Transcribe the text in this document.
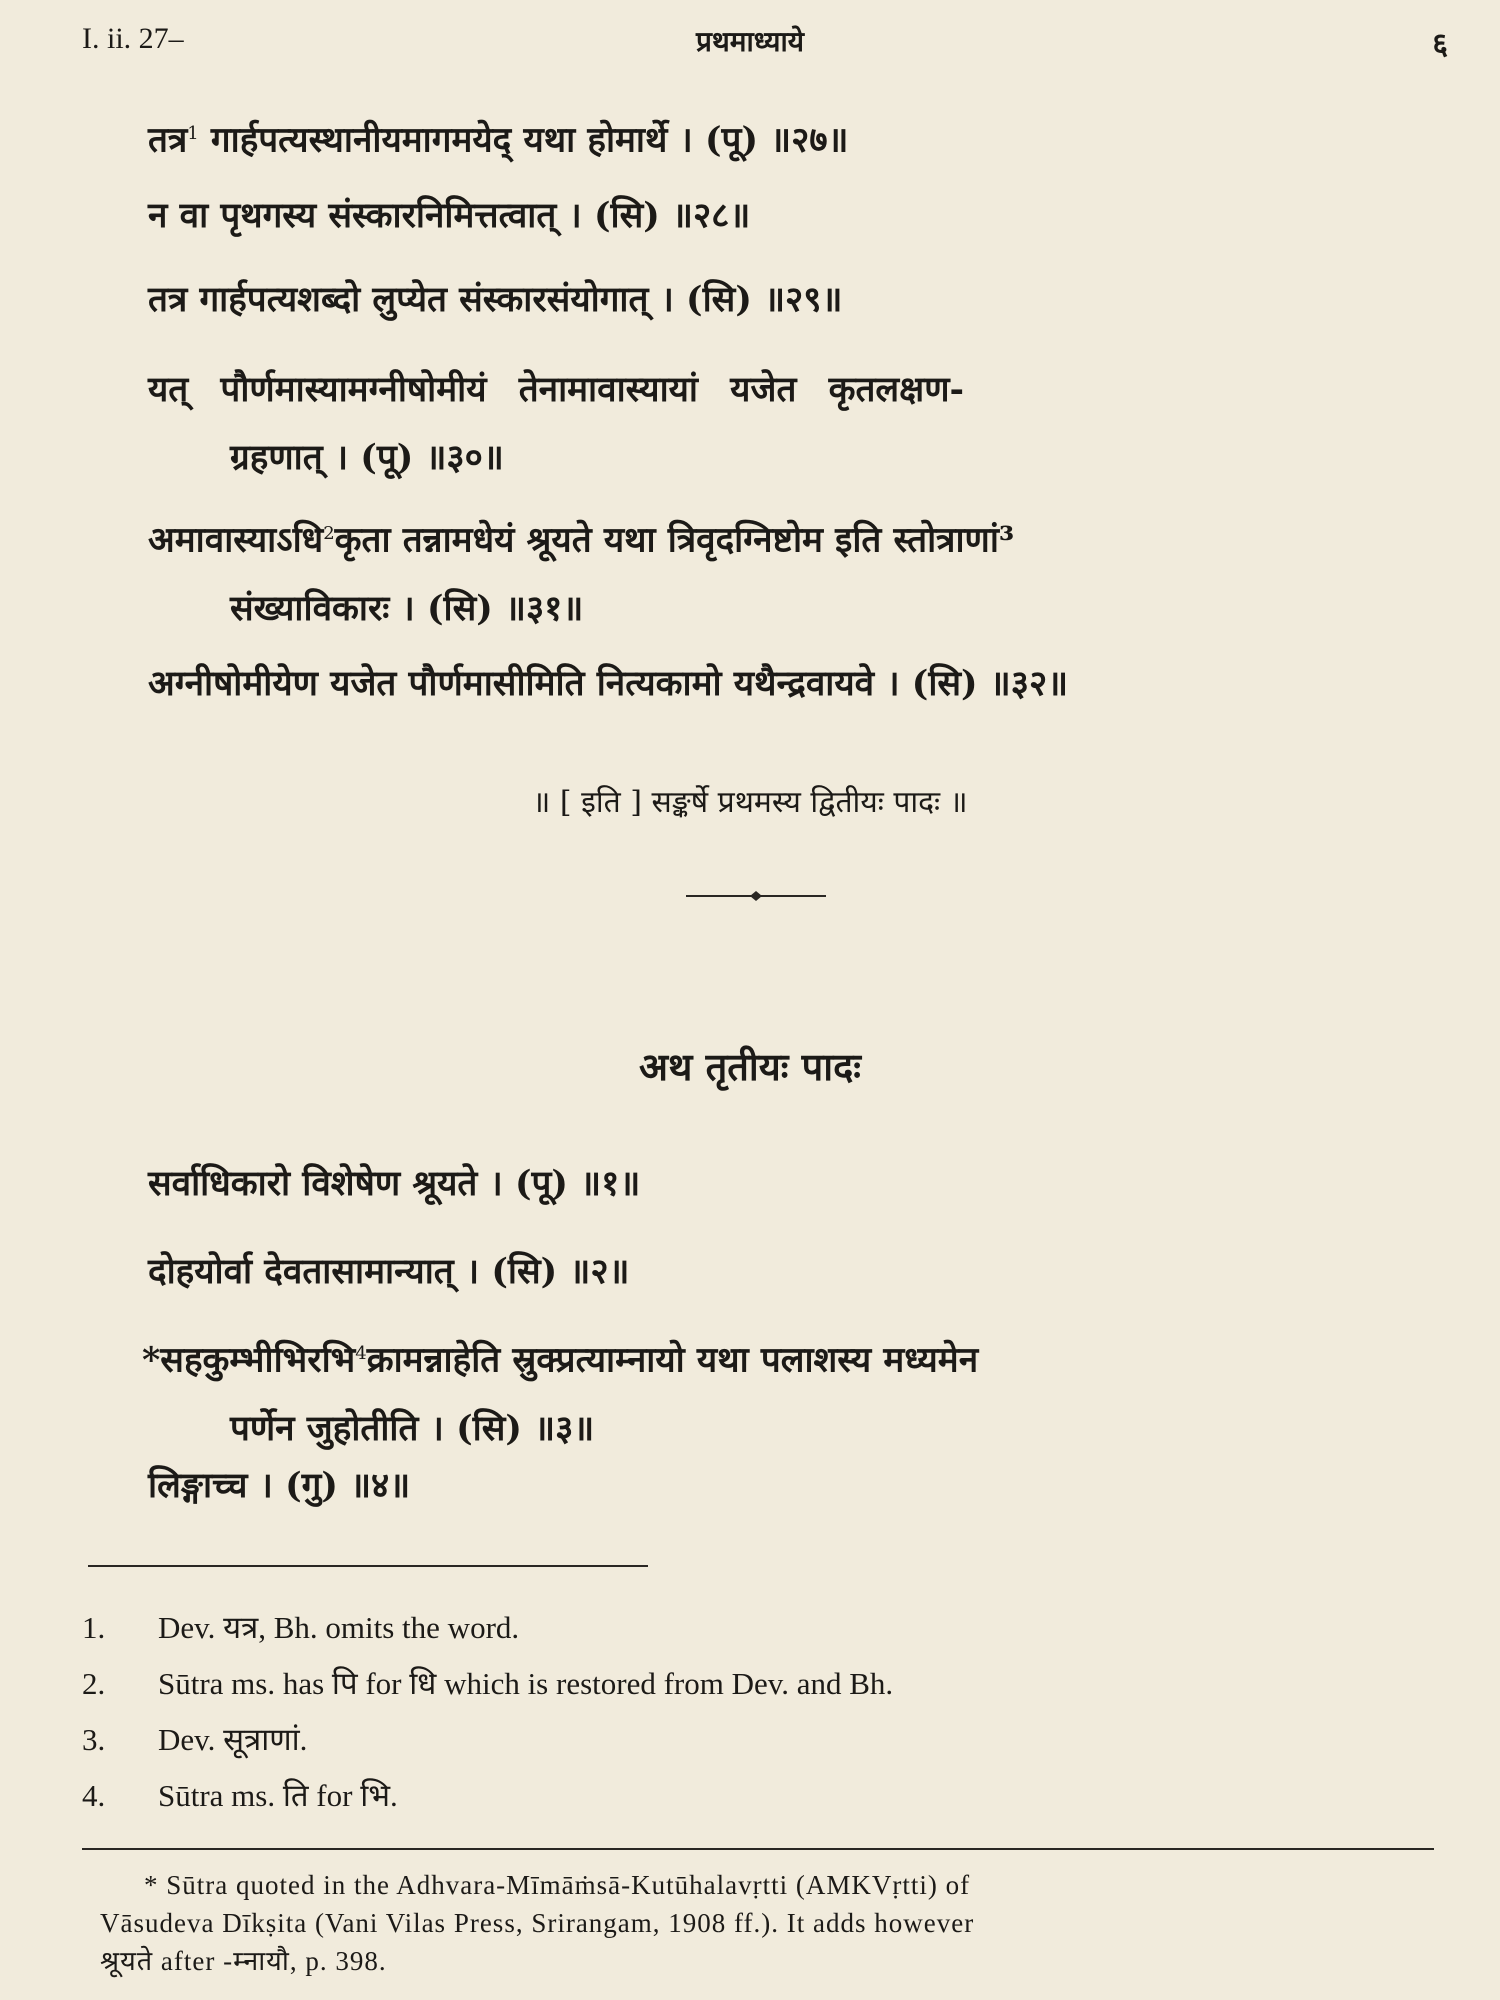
I. ii. 27–	प्रथमाध्याये	६
तत्र$^1$ गार्हपत्यस्थानीयमागमयेद् यथा होमार्थे । (पू) ॥२७॥
न वा पृथगस्य संस्कारनिमित्तत्वात् । (सि) ॥२८॥
तत्र गार्हपत्यशब्दो लुप्येत संस्कारसंयोगात् । (सि) ॥२९॥
यत् पौर्णमास्यामग्नीषोमीयं तेनामावास्यायां यजेत कृतलक्षण-
ग्रहणात् । (पू) ॥३०॥
अमावास्याऽधि$^2$कृता तन्नामधेयं श्रूयते यथा त्रिवृदग्निष्टोम इति स्तोत्राणां³
संख्याविकारः । (सि) ॥३१॥
अग्नीषोमीयेण यजेत पौर्णमासीमिति नित्यकामो यथैन्द्रवायवे । (सि) ॥३२॥
॥ [ इति ] सङ्कर्षे प्रथमस्य द्वितीयः पादः ॥
अथ तृतीयः पादः
सर्वाधिकारो विशेषेण श्रूयते । (पू) ॥१॥
दोहयोर्वा देवतासामान्यात् । (सि) ॥२॥
*सहकुम्भीभिरभि$^4$क्रामन्नाहेति स्रुक्प्रत्याम्नायो यथा पलाशस्य मध्यमेन
पर्णेन जुहोतीति । (सि) ॥३॥
लिङ्गाच्च । (गु) ॥४॥
1. Dev. यत्र, Bh. omits the word.
2. Sūtra ms. has पि for धि which is restored from Dev. and Bh.
3. Dev. सूत्राणां.
4. Sūtra ms. ति for भि.
* Sūtra quoted in the Adhvara-Mīmāṁsā-Kutūhalavṛtti (AMKVṛtti) of
Vāsudeva Dīkṣita (Vani Vilas Press, Srirangam, 1908 ff.). It adds however
श्रूयते after -म्नायौ, p. 398.
